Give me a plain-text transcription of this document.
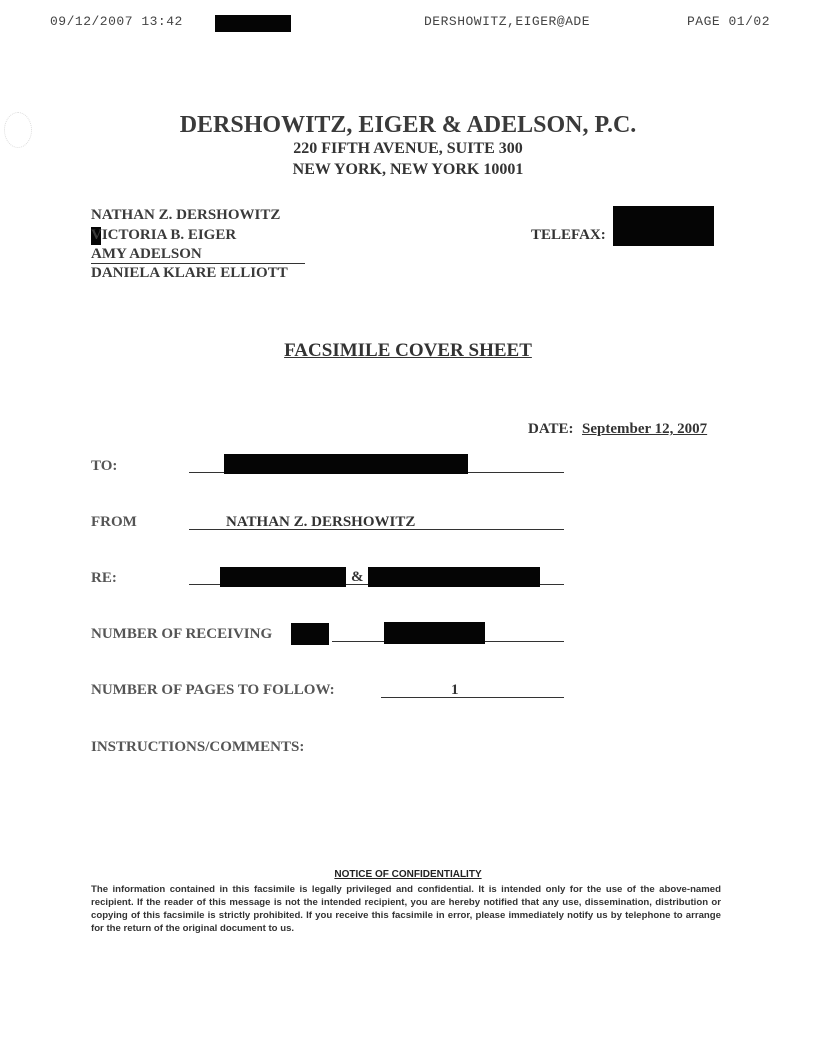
09/12/2007 13:42	DERSHOWITZ,EIGER@ADE	PAGE 01/02
DERSHOWITZ, EIGER & ADELSON, P.C.
220 FIFTH AVENUE, SUITE 300
NEW YORK, NEW YORK 10001
NATHAN Z. DERSHOWITZ
VICTORIA B. EIGER
AMY ADELSON
DANIELA KLARE ELLIOTT
TELEFAX:
FACSIMILE COVER SHEET
DATE: September 12, 2007
TO:
FROM	NATHAN Z. DERSHOWITZ
RE:	&
NUMBER OF RECEIVING
NUMBER OF PAGES TO FOLLOW:	1
INSTRUCTIONS/COMMENTS:
NOTICE OF CONFIDENTIALITY
The information contained in this facsimile is legally privileged and confidential. It is intended only for the use of the above-named recipient. If the reader of this message is not the intended recipient, you are hereby notified that any use, dissemination, distribution or copying of this facsimile is strictly prohibited. If you receive this facsimile in error, please immediately notify us by telephone to arrange for the return of the original document to us.
